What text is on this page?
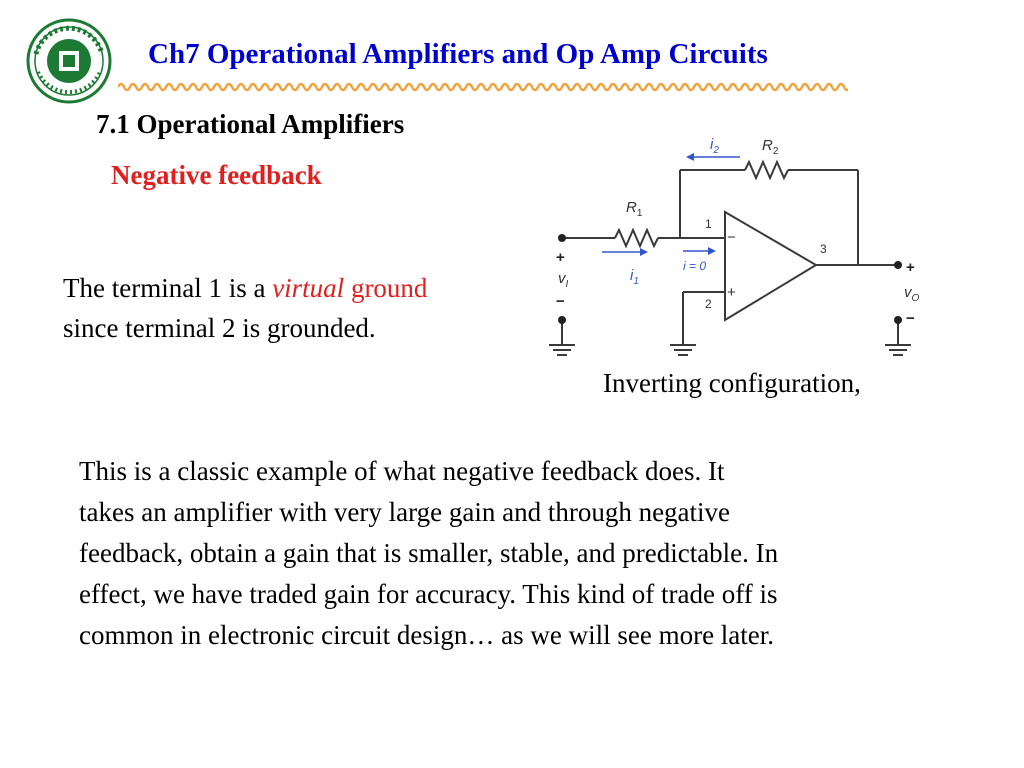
Ch7 Operational Amplifiers and Op Amp Circuits
7.1 Operational Amplifiers
Negative feedback
The terminal 1 is a virtual ground
since terminal 2 is grounded.
$i_2$	$R_2$
$R_1$
1
2
3
−
+
i = 0
$i_1$
+
$v_I$
−
+
$v_O$
−
Inverting configuration,
This is a classic example of what negative feedback does. It
takes an amplifier with very large gain and through negative
feedback, obtain a gain that is smaller, stable, and predictable. In
effect, we have traded gain for accuracy. This kind of trade off is
common in electronic circuit design… as we will see more later.
